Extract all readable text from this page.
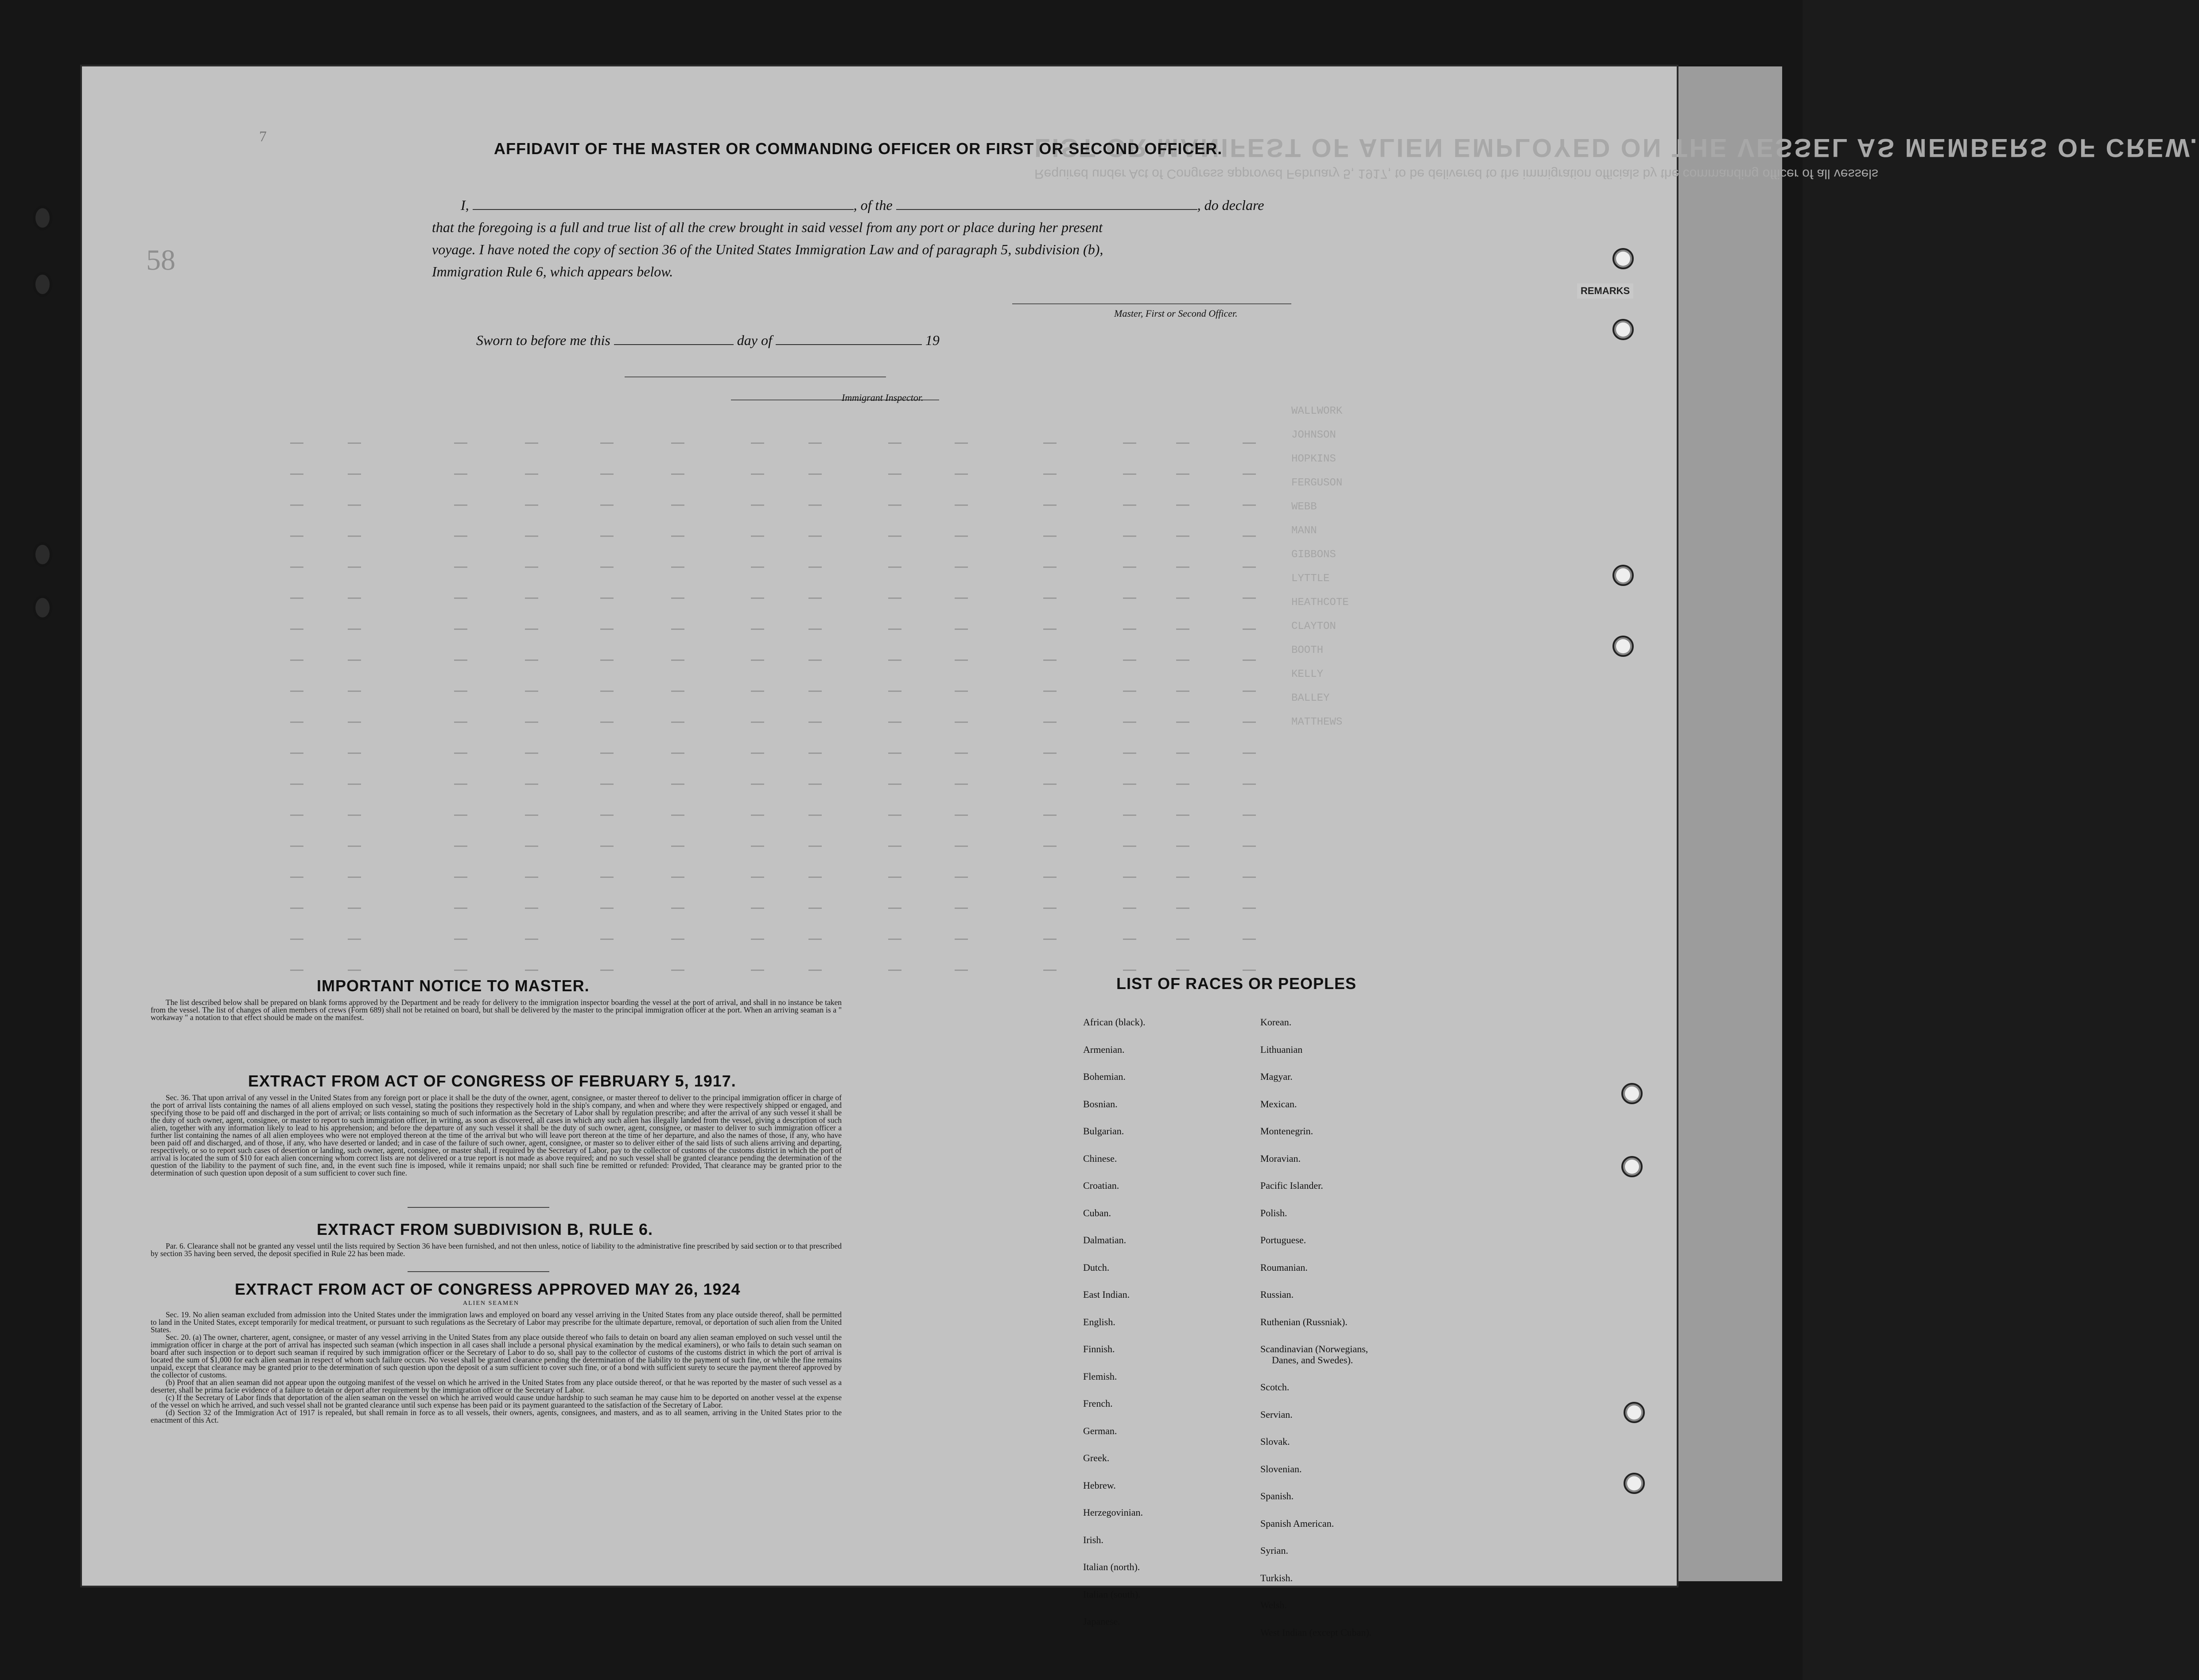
REMARKS
LIST OR MANIFEST OF ALIEN EMPLOYED ON THE VESSEL AS MEMBERS OF CREW.
Required under Act of Congress approved February 5, 1917, to be delivered to the immigration officials by the commanding officer of all vessels
58
7
AFFIDAVIT OF THE MASTER OR COMMANDING OFFICER OR FIRST OR SECOND OFFICER.
I,	, of the	, do declare
that the foregoing is a full and true list of all the crew brought in said vessel from any port or place during her present
voyage. I have noted the copy of section 36 of the United States Immigration Law and of paragraph 5, subdivision (b),
Immigration Rule 6, which appears below.
Master, First or Second Officer.
Sworn to before me this	day of	19
Immigrant Inspector.
WALLWORK

JOHNSON

HOPKINS

FERGUSON

WEBB

MANN

GIBBONS

LYTTLE

HEATHCOTE

CLAYTON

BOOTH

KELLY

BALLEY

MATTHEWS
IMPORTANT NOTICE TO MASTER.

The list described below shall be prepared on blank forms approved by the Department and be ready for delivery to the immigration inspector boarding the vessel at the port of arrival, and shall in no instance be taken from the vessel. The list of changes of alien members of crews (Form 689) shall not be retained on board, but shall be delivered by the master to the principal immigration officer at the port. When an arriving seaman is a " workaway " a notation to that effect should be made on the manifest.

EXTRACT FROM ACT OF CONGRESS OF FEBRUARY 5, 1917.

Sec. 36. That upon arrival of any vessel in the United States from any foreign port or place it shall be the duty of the owner, agent, consignee, or master thereof to deliver to the principal immigration officer in charge of the port of arrival lists containing the names of all aliens employed on such vessel, stating the positions they respectively hold in the ship's company, and when and where they were respectively shipped or engaged, and specifying those to be paid off and discharged in the port of arrival; or lists containing so much of such information as the Secretary of Labor shall by regulation prescribe; and after the arrival of any such vessel it shall be the duty of such owner, agent, consignee, or master to report to such immigration officer, in writing, as soon as discovered, all cases in which any such alien has illegally landed from the vessel, giving a description of such alien, together with any information likely to lead to his apprehension; and before the departure of any such vessel it shall be the duty of such owner, agent, consignee, or master to deliver to such immigration officer a further list containing the names of all alien employees who were not employed thereon at the time of the arrival but who will leave port thereon at the time of her departure, and also the names of those, if any, who have been paid off and discharged, and of those, if any, who have deserted or landed; and in case of the failure of such owner, agent, consignee, or master so to deliver either of the said lists of such aliens arriving and departing, respectively, or so to report such cases of desertion or landing, such owner, agent, consignee, or master shall, if required by the Secretary of Labor, pay to the collector of customs of the customs district in which the port of arrival is located the sum of $10 for each alien concerning whom correct lists are not delivered or a true report is not made as above required; and no such vessel shall be granted clearance pending the determination of the question of the liability to the payment of such fine, and, in the event such fine is imposed, while it remains unpaid; nor shall such fine be remitted or refunded: Provided, That clearance may be granted prior to the determination of such question upon deposit of a sum sufficient to cover such fine.

EXTRACT FROM SUBDIVISION B, RULE 6.

Par. 6. Clearance shall not be granted any vessel until the lists required by Section 36 have been furnished, and not then unless, notice of liability to the administrative fine prescribed by said section or to that prescribed by section 35 having been served, the deposit specified in Rule 22 has been made.

EXTRACT FROM ACT OF CONGRESS APPROVED MAY 26, 1924
ALIEN SEAMEN

Sec. 19. No alien seaman excluded from admission into the United States under the immigration laws and employed on board any vessel arriving in the United States from any place outside thereof, shall be permitted to land in the United States, except temporarily for medical treatment, or pursuant to such regulations as the Secretary of Labor may prescribe for the ultimate departure, removal, or deportation of such alien from the United States.

Sec. 20. (a) The owner, charterer, agent, consignee, or master of any vessel arriving in the United States from any place outside thereof who fails to detain on board any alien seaman employed on such vessel until the immigration officer in charge at the port of arrival has inspected such seaman (which inspection in all cases shall include a personal physical examination by the medical examiners), or who fails to detain such seaman on board after such inspection or to deport such seaman if required by such immigration officer or the Secretary of Labor to do so, shall pay to the collector of customs of the customs district in which the port of arrival is located the sum of $1,000 for each alien seaman in respect of whom such failure occurs. No vessel shall be granted clearance pending the determination of the liability to the payment of such fine, or while the fine remains unpaid, except that clearance may be granted prior to the determination of such question upon the deposit of a sum sufficient to cover such fine, or of a bond with sufficient surety to secure the payment thereof approved by the collector of customs.

(b) Proof that an alien seaman did not appear upon the outgoing manifest of the vessel on which he arrived in the United States from any place outside thereof, or that he was reported by the master of such vessel as a deserter, shall be prima facie evidence of a failure to detain or deport after requirement by the immigration officer or the Secretary of Labor.

(c) If the Secretary of Labor finds that deportation of the alien seaman on the vessel on which he arrived would cause undue hardship to such seaman he may cause him to be deported on another vessel at the expense of the vessel on which he arrived, and such vessel shall not be granted clearance until such expense has been paid or its payment guaranteed to the satisfaction of the Secretary of Labor.

(d) Section 32 of the Immigration Act of 1917 is repealed, but shall remain in force as to all vessels, their owners, agents, consignees, and masters, and as to all seamen, arriving in the United States prior to the enactment of this Act.

LIST OF RACES OR PEOPLES
African (black).
Armenian.
Bohemian.
Bosnian.
Bulgarian.
Chinese.
Croatian.
Cuban.
Dalmatian.
Dutch.
East Indian.
English.
Finnish.
Flemish.
French.
German.
Greek.
Hebrew.
Herzegovinian.
Irish.
Italian (north).
Italian (south).
Japanese.
Korean.
Lithuanian
Magyar.
Mexican.
Montenegrin.
Moravian.
Pacific Islander.
Polish.
Portuguese.
Roumanian.
Russian.
Ruthenian (Russniak).
Scandinavian (Norwegians,
Danes, and Swedes).
Scotch.
Servian.
Slovak.
Slovenian.
Spanish.
Spanish American.
Syrian.
Turkish.
Welsh.
West Indian (except Cuban).
